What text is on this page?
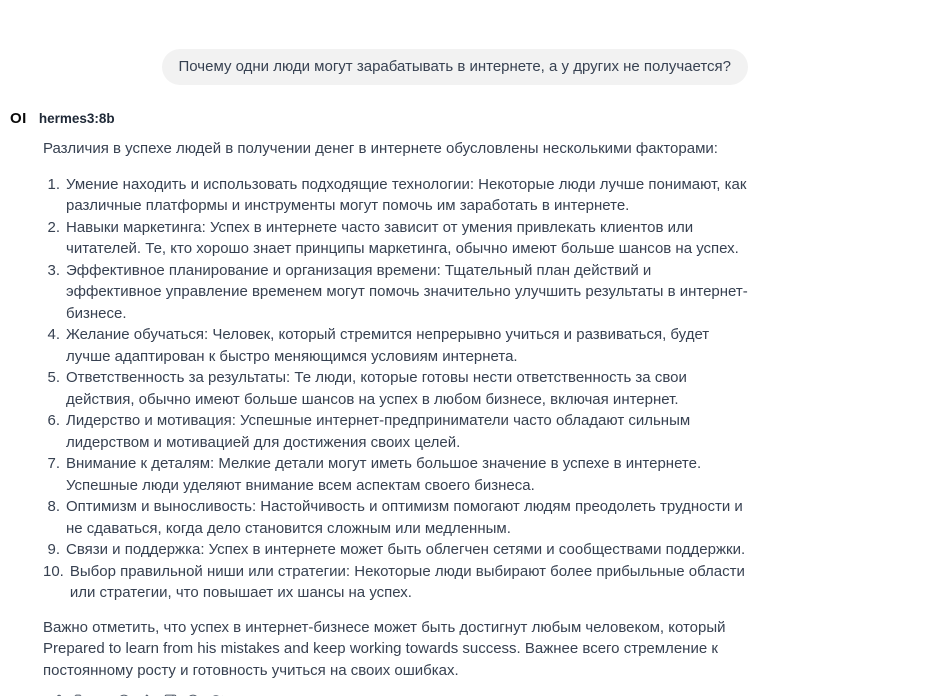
Почему одни люди могут зарабатывать в интернете, а у других не получается?
OI hermes3:8b

Различия в успехе людей в получении денег в интернете обусловлены несколькими факторами:

1. Умение находить и использовать подходящие технологии: Некоторые люди лучше понимают, как различные платформы и инструменты могут помочь им заработать в интернете.
2. Навыки маркетинга: Успех в интернете часто зависит от умения привлекать клиентов или читателей. Те, кто хорошо знает принципы маркетинга, обычно имеют больше шансов на успех.
3. Эффективное планирование и организация времени: Тщательный план действий и эффективное управление временем могут помочь значительно улучшить результаты в интернет-бизнесе.
4. Желание обучаться: Человек, который стремится непрерывно учиться и развиваться, будет лучше адаптирован к быстро меняющимся условиям интернета.
5. Ответственность за результаты: Те люди, которые готовы нести ответственность за свои действия, обычно имеют больше шансов на успех в любом бизнесе, включая интернет.
6. Лидерство и мотивация: Успешные интернет-предприниматели часто обладают сильным лидерством и мотивацией для достижения своих целей.
7. Внимание к деталям: Мелкие детали могут иметь большое значение в успехе в интернете. Успешные люди уделяют внимание всем аспектам своего бизнеса.
8. Оптимизм и выносливость: Настойчивость и оптимизм помогают людям преодолеть трудности и не сдаваться, когда дело становится сложным или медленным.
9. Связи и поддержка: Успех в интернете может быть облегчен сетями и сообществами поддержки.
10. Выбор правильной ниши или стратегии: Некоторые люди выбирают более прибыльные области или стратегии, что повышает их шансы на успех.

Важно отметить, что успех в интернет-бизнесе может быть достигнут любым человеком, который Prepared to learn from his mistakes and keep working towards success. Важнее всего стремление к постоянному росту и готовность учиться на своих ошибках.
